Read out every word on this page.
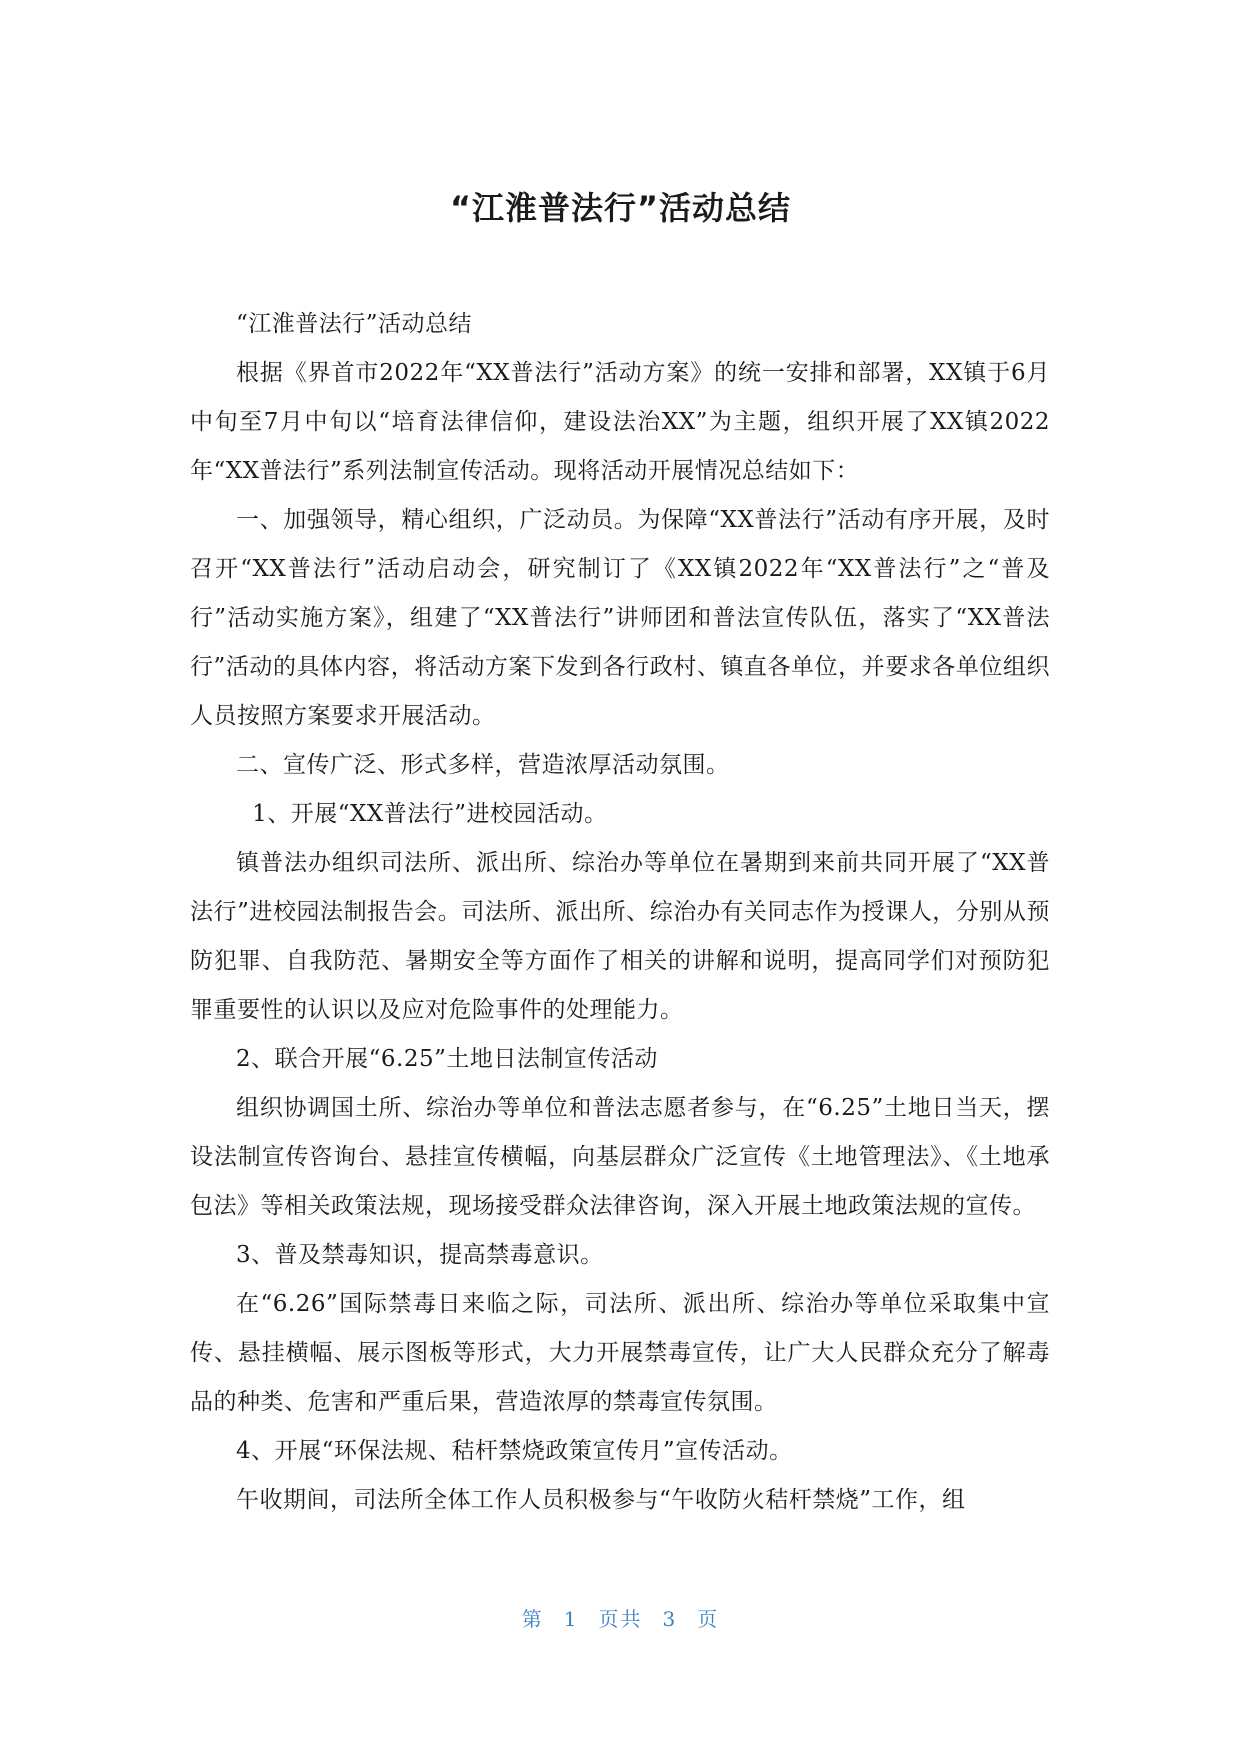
“江淮普法行”活动总结

“江淮普法行”活动总结

根据《界首市2022年“XX普法行”活动方案》的统一安排和部署，XX镇于6月中旬至7月中旬以“培育法律信仰，建设法治XX”为主题，组织开展了XX镇2022年“XX普法行”系列法制宣传活动。现将活动开展情况总结如下：

一、加强领导，精心组织，广泛动员。为保障“XX普法行”活动有序开展，及时召开“XX普法行”活动启动会，研究制订了《XX镇2022年“XX普法行”之“普及行”活动实施方案》，组建了“XX普法行”讲师团和普法宣传队伍，落实了“XX普法行”活动的具体内容，将活动方案下发到各行政村、镇直各单位，并要求各单位组织人员按照方案要求开展活动。

二、宣传广泛、形式多样，营造浓厚活动氛围。

1、开展“XX普法行”进校园活动。

镇普法办组织司法所、派出所、综治办等单位在暑期到来前共同开展了“XX普法行”进校园法制报告会。司法所、派出所、综治办有关同志作为授课人，分别从预防犯罪、自我防范、暑期安全等方面作了相关的讲解和说明，提高同学们对预防犯罪重要性的认识以及应对危险事件的处理能力。

2、联合开展“6.25”土地日法制宣传活动

组织协调国土所、综治办等单位和普法志愿者参与，在“6.25”土地日当天，摆设法制宣传咨询台、悬挂宣传横幅，向基层群众广泛宣传《土地管理法》、《土地承包法》等相关政策法规，现场接受群众法律咨询，深入开展土地政策法规的宣传。

3、普及禁毒知识，提高禁毒意识。

在“6.26”国际禁毒日来临之际，司法所、派出所、综治办等单位采取集中宣传、悬挂横幅、展示图板等形式，大力开展禁毒宣传，让广大人民群众充分了解毒品的种类、危害和严重后果，营造浓厚的禁毒宣传氛围。

4、开展“环保法规、秸杆禁烧政策宣传月”宣传活动。

午收期间，司法所全体工作人员积极参与“午收防火秸杆禁烧”工作，组

第 1 页共 3 页
